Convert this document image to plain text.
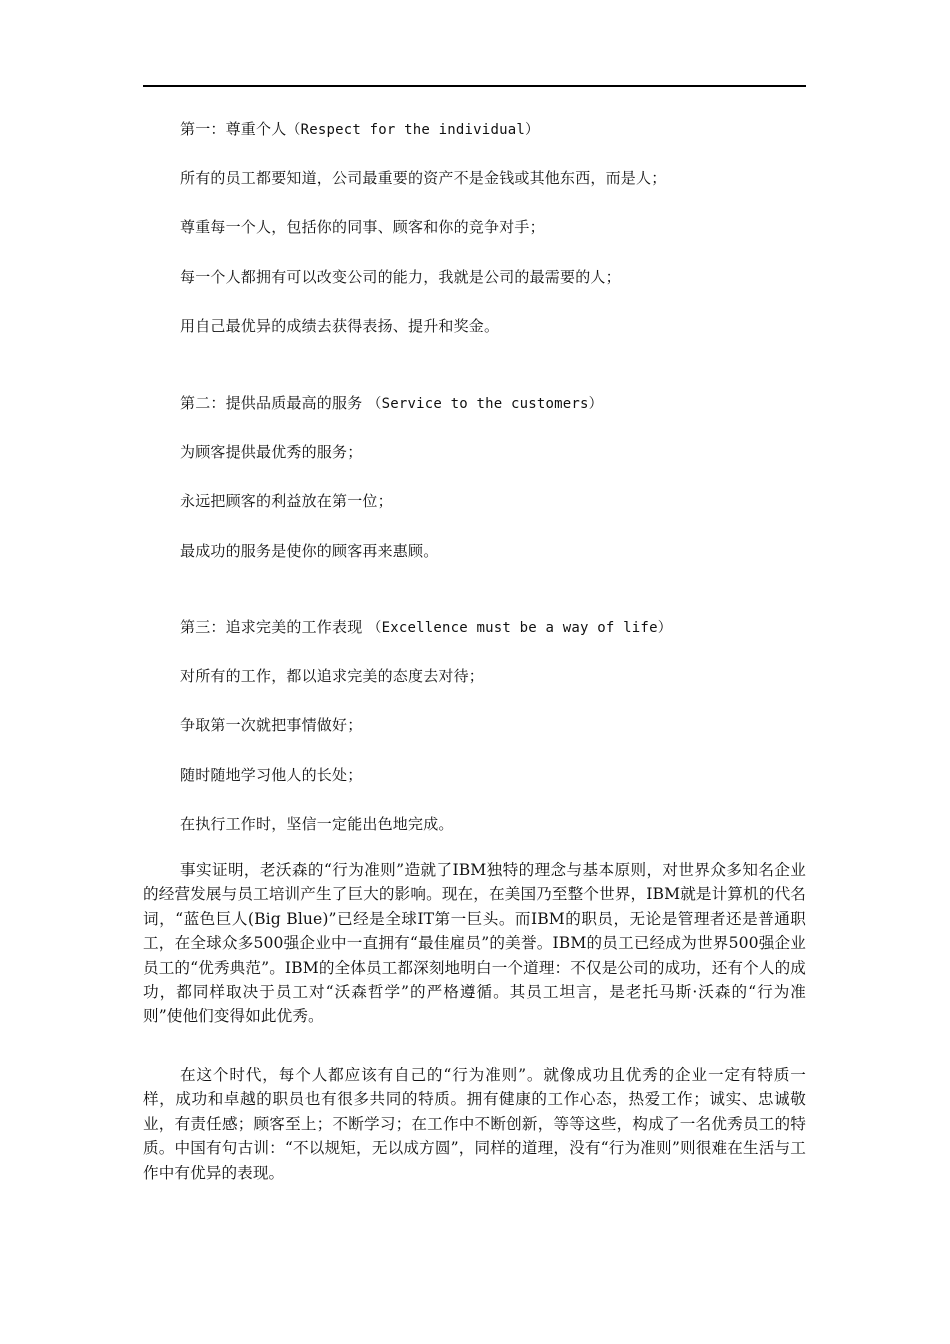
第一：尊重个人（Respect for the individual）
所有的员工都要知道，公司最重要的资产不是金钱或其他东西，而是人；
尊重每一个人，包括你的同事、顾客和你的竞争对手；
每一个人都拥有可以改变公司的能力，我就是公司的最需要的人；
用自己最优异的成绩去获得表扬、提升和奖金。
第二：提供品质最高的服务 （Service to the customers）
为顾客提供最优秀的服务；
永远把顾客的利益放在第一位；
最成功的服务是使你的顾客再来惠顾。
第三：追求完美的工作表现 （Excellence must be a way of life）
对所有的工作，都以追求完美的态度去对待；
争取第一次就把事情做好；
随时随地学习他人的长处；
在执行工作时，坚信一定能出色地完成。

事实证明，老沃森的“行为准则”造就了IBM独特的理念与基本原则，对世界众多知名企业的经营发展与员工培训产生了巨大的影响。现在，在美国乃至整个世界，IBM就是计算机的代名词，“蓝色巨人(Big Blue)”已经是全球IT第一巨头。而IBM的职员，无论是管理者还是普通职工，在全球众多500强企业中一直拥有“最佳雇员”的美誉。IBM的员工已经成为世界500强企业员工的“优秀典范”。IBM的全体员工都深刻地明白一个道理：不仅是公司的成功，还有个人的成功，都同样取决于员工对“沃森哲学”的严格遵循。其员工坦言，是老托马斯·沃森的“行为准则”使他们变得如此优秀。

在这个时代，每个人都应该有自己的“行为准则”。就像成功且优秀的企业一定有特质一样，成功和卓越的职员也有很多共同的特质。拥有健康的工作心态，热爱工作；诚实、忠诚敬业，有责任感；顾客至上；不断学习；在工作中不断创新，等等这些，构成了一名优秀员工的特质。中国有句古训：“不以规矩，无以成方圆”，同样的道理，没有“行为准则”则很难在生活与工作中有优异的表现。
